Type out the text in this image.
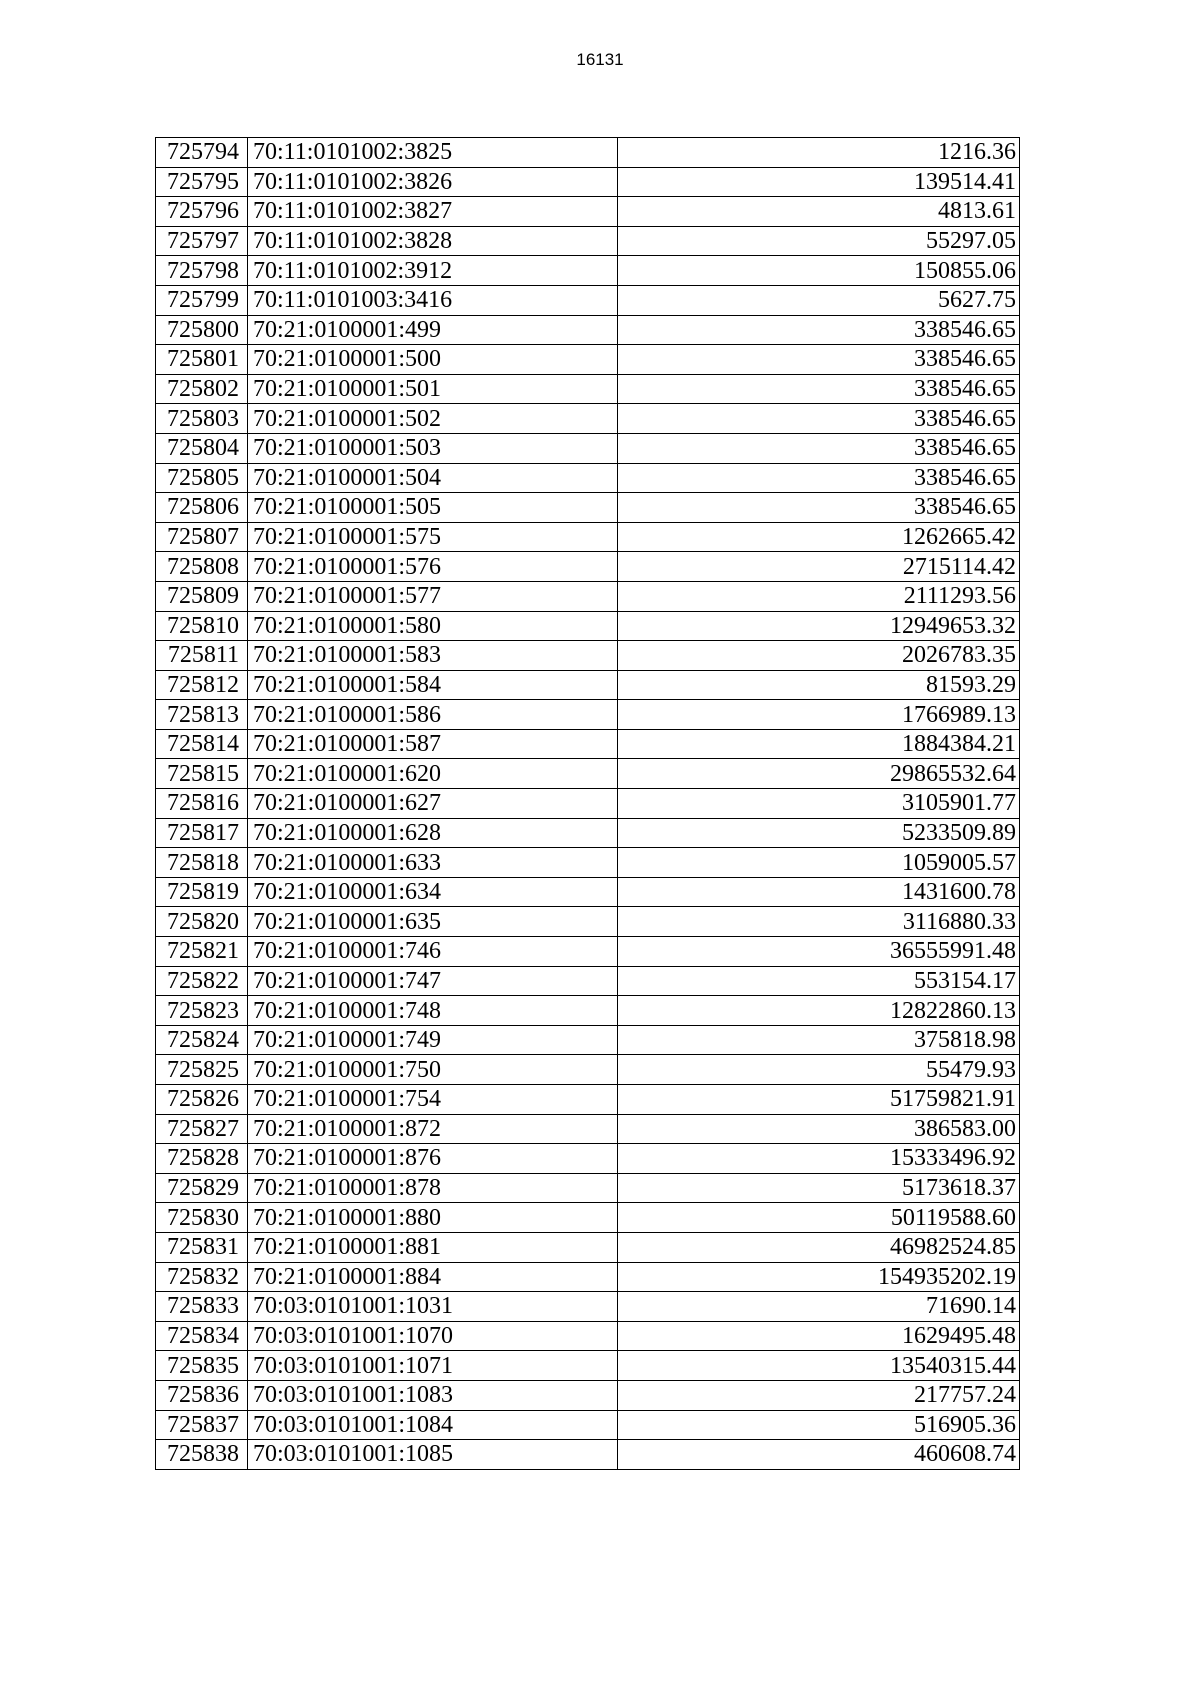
16131
725794	70:11:0101002:3825	1216.36
725795	70:11:0101002:3826	139514.41
725796	70:11:0101002:3827	4813.61
725797	70:11:0101002:3828	55297.05
725798	70:11:0101002:3912	150855.06
725799	70:11:0101003:3416	5627.75
725800	70:21:0100001:499	338546.65
725801	70:21:0100001:500	338546.65
725802	70:21:0100001:501	338546.65
725803	70:21:0100001:502	338546.65
725804	70:21:0100001:503	338546.65
725805	70:21:0100001:504	338546.65
725806	70:21:0100001:505	338546.65
725807	70:21:0100001:575	1262665.42
725808	70:21:0100001:576	2715114.42
725809	70:21:0100001:577	2111293.56
725810	70:21:0100001:580	12949653.32
725811	70:21:0100001:583	2026783.35
725812	70:21:0100001:584	81593.29
725813	70:21:0100001:586	1766989.13
725814	70:21:0100001:587	1884384.21
725815	70:21:0100001:620	29865532.64
725816	70:21:0100001:627	3105901.77
725817	70:21:0100001:628	5233509.89
725818	70:21:0100001:633	1059005.57
725819	70:21:0100001:634	1431600.78
725820	70:21:0100001:635	3116880.33
725821	70:21:0100001:746	36555991.48
725822	70:21:0100001:747	553154.17
725823	70:21:0100001:748	12822860.13
725824	70:21:0100001:749	375818.98
725825	70:21:0100001:750	55479.93
725826	70:21:0100001:754	51759821.91
725827	70:21:0100001:872	386583.00
725828	70:21:0100001:876	15333496.92
725829	70:21:0100001:878	5173618.37
725830	70:21:0100001:880	50119588.60
725831	70:21:0100001:881	46982524.85
725832	70:21:0100001:884	154935202.19
725833	70:03:0101001:1031	71690.14
725834	70:03:0101001:1070	1629495.48
725835	70:03:0101001:1071	13540315.44
725836	70:03:0101001:1083	217757.24
725837	70:03:0101001:1084	516905.36
725838	70:03:0101001:1085	460608.74
